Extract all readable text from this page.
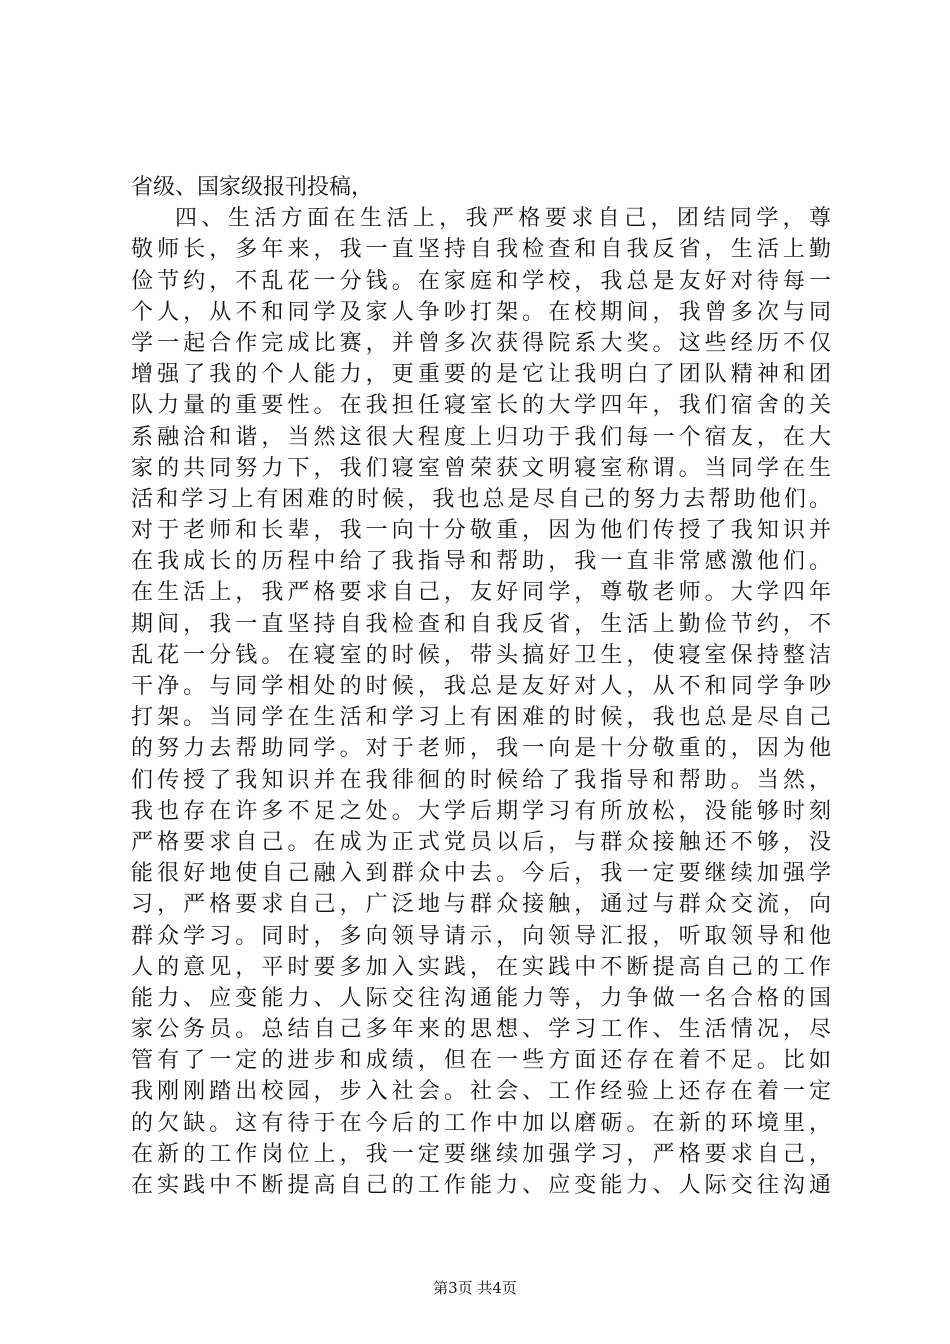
省级、国家级报刊投稿，
四、生活方面在生活上，我严格要求自己，团结同学，尊
敬师长，多年来，我一直坚持自我检查和自我反省，生活上勤
俭节约，不乱花一分钱。在家庭和学校，我总是友好对待每一
个人，从不和同学及家人争吵打架。在校期间，我曾多次与同
学一起合作完成比赛，并曾多次获得院系大奖。这些经历不仅
增强了我的个人能力，更重要的是它让我明白了团队精神和团
队力量的重要性。在我担任寝室长的大学四年，我们宿舍的关
系融洽和谐，当然这很大程度上归功于我们每一个宿友，在大
家的共同努力下，我们寝室曾荣获文明寝室称谓。当同学在生
活和学习上有困难的时候，我也总是尽自己的努力去帮助他们。
对于老师和长辈，我一向十分敬重，因为他们传授了我知识并
在我成长的历程中给了我指导和帮助，我一直非常感激他们。
在生活上，我严格要求自己，友好同学，尊敬老师。大学四年
期间，我一直坚持自我检查和自我反省，生活上勤俭节约，不
乱花一分钱。在寝室的时候，带头搞好卫生，使寝室保持整洁
干净。与同学相处的时候，我总是友好对人，从不和同学争吵
打架。当同学在生活和学习上有困难的时候，我也总是尽自己
的努力去帮助同学。对于老师，我一向是十分敬重的，因为他
们传授了我知识并在我徘徊的时候给了我指导和帮助。当然，
我也存在许多不足之处。大学后期学习有所放松，没能够时刻
严格要求自己。在成为正式党员以后，与群众接触还不够，没
能很好地使自己融入到群众中去。今后，我一定要继续加强学
习，严格要求自己，广泛地与群众接触，通过与群众交流，向
群众学习。同时，多向领导请示，向领导汇报，听取领导和他
人的意见，平时要多加入实践，在实践中不断提高自己的工作
能力、应变能力、人际交往沟通能力等，力争做一名合格的国
家公务员。总结自己多年来的思想、学习工作、生活情况，尽
管有了一定的进步和成绩，但在一些方面还存在着不足。比如
我刚刚踏出校园，步入社会。社会、工作经验上还存在着一定
的欠缺。这有待于在今后的工作中加以磨砺。在新的环境里，
在新的工作岗位上，我一定要继续加强学习，严格要求自己，
在实践中不断提高自己的工作能力、应变能力、人际交往沟通
第3页 共4页
